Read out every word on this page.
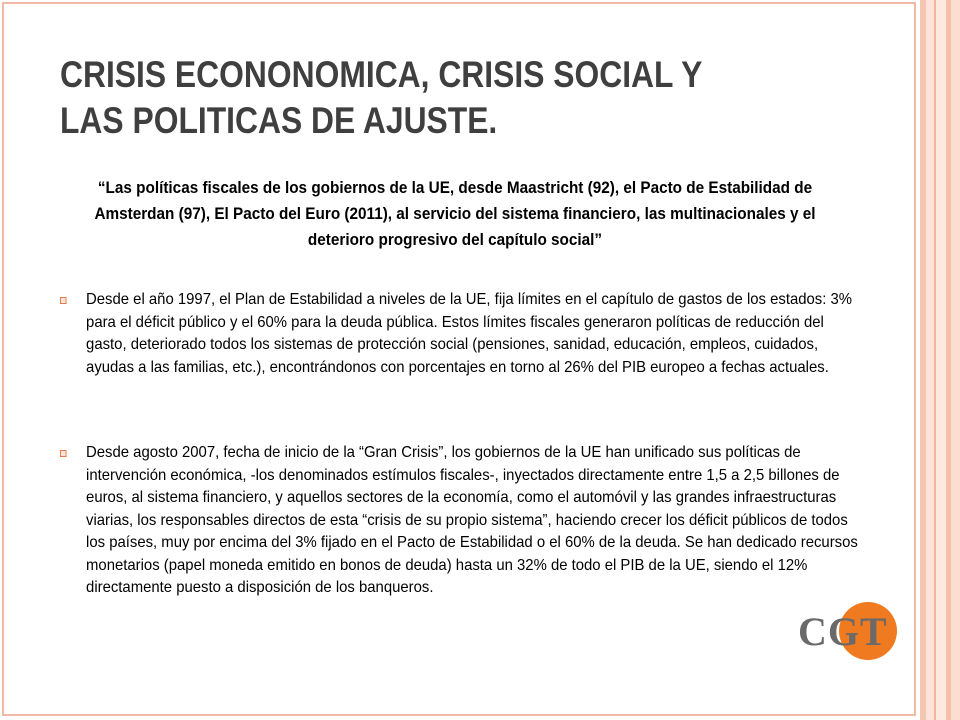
CRISIS ECONONOMICA, CRISIS SOCIAL Y
LAS POLITICAS DE AJUSTE.
“Las políticas fiscales de los gobiernos de la UE, desde Maastricht (92), el Pacto de Estabilidad de Amsterdan (97), El Pacto del Euro (2011), al servicio del sistema financiero, las multinacionales y el deterioro progresivo del capítulo social”
Desde el año 1997, el Plan de Estabilidad a niveles de la UE, fija límites en el capítulo de gastos de los estados: 3% para el déficit público y el 60% para la deuda pública. Estos límites fiscales generaron políticas de reducción del gasto, deteriorado todos los sistemas de protección social (pensiones, sanidad, educación, empleos, cuidados, ayudas a las familias, etc.), encontrándonos con porcentajes en torno al 26% del PIB europeo a fechas actuales.
Desde agosto 2007, fecha de inicio de la “Gran Crisis”, los gobiernos de la UE han unificado sus políticas de intervención económica, -los denominados estímulos fiscales-, inyectados directamente entre 1,5 a 2,5 billones de euros, al sistema financiero, y aquellos sectores de la economía, como el automóvil y las grandes infraestructuras viarias, los responsables directos de esta “crisis de su propio sistema”, haciendo crecer los déficit públicos de todos los países, muy por encima del 3% fijado en el Pacto de Estabilidad o el 60% de la deuda. Se han dedicado recursos monetarios (papel moneda emitido en bonos de deuda) hasta un 32% de todo el PIB de la UE, siendo el 12% directamente puesto a disposición de los banqueros.
CGT
